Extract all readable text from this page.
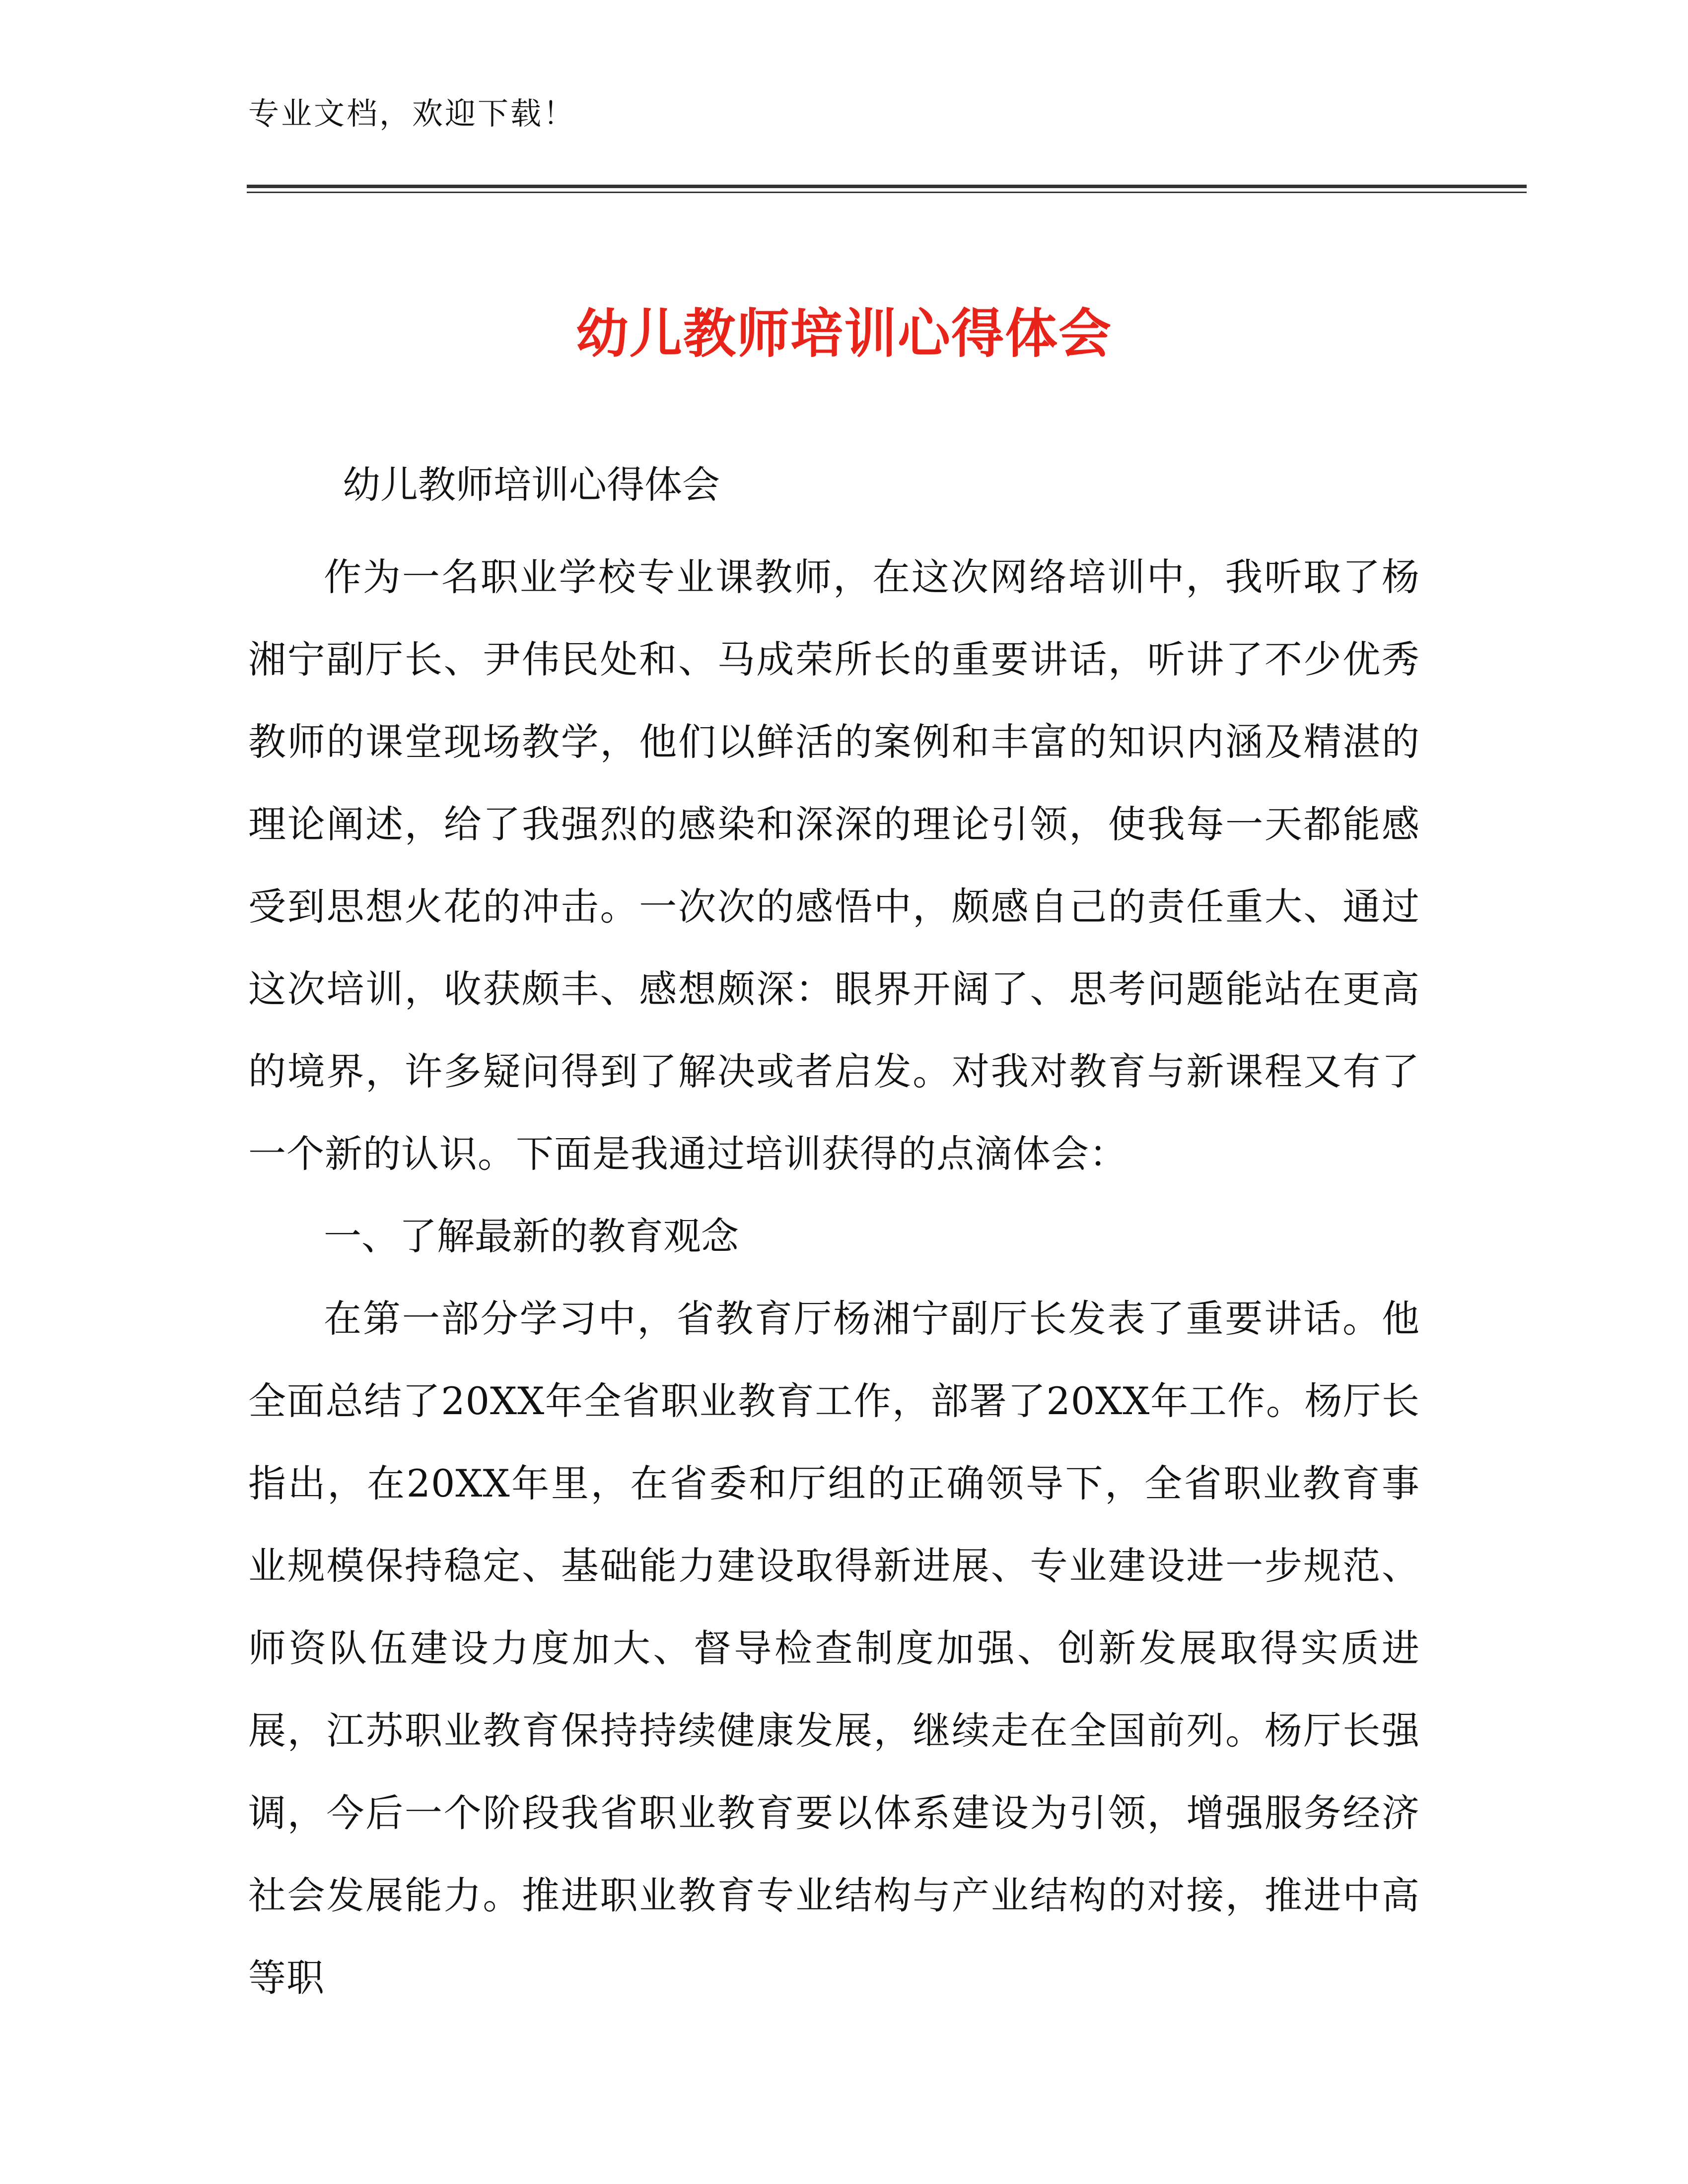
专业文档，欢迎下载！
幼儿教师培训心得体会
幼儿教师培训心得体会

作为一名职业学校专业课教师，在这次网络培训中，我听取了杨湘宁副厅长、尹伟民处和、马成荣所长的重要讲话，听讲了不少优秀教师的课堂现场教学，他们以鲜活的案例和丰富的知识内涵及精湛的理论阐述，给了我强烈的感染和深深的理论引领，使我每一天都能感受到思想火花的冲击。一次次的感悟中，颇感自己的责任重大、通过这次培训，收获颇丰、感想颇深：眼界开阔了、思考问题能站在更高的境界，许多疑问得到了解决或者启发。对我对教育与新课程又有了一个新的认识。下面是我通过培训获得的点滴体会：

一、了解最新的教育观念

在第一部分学习中，省教育厅杨湘宁副厅长发表了重要讲话。他全面总结了20XX年全省职业教育工作，部署了20XX年工作。杨厅长指出，在20XX年里，在省委和厅组的正确领导下，全省职业教育事业规模保持稳定、基础能力建设取得新进展、专业建设进一步规范、师资队伍建设力度加大、督导检查制度加强、创新发展取得实质进展，江苏职业教育保持持续健康发展，继续走在全国前列。杨厅长强调，今后一个阶段我省职业教育要以体系建设为引领，增强服务经济社会发展能力。推进职业教育专业结构与产业结构的对接，推进中高等职
